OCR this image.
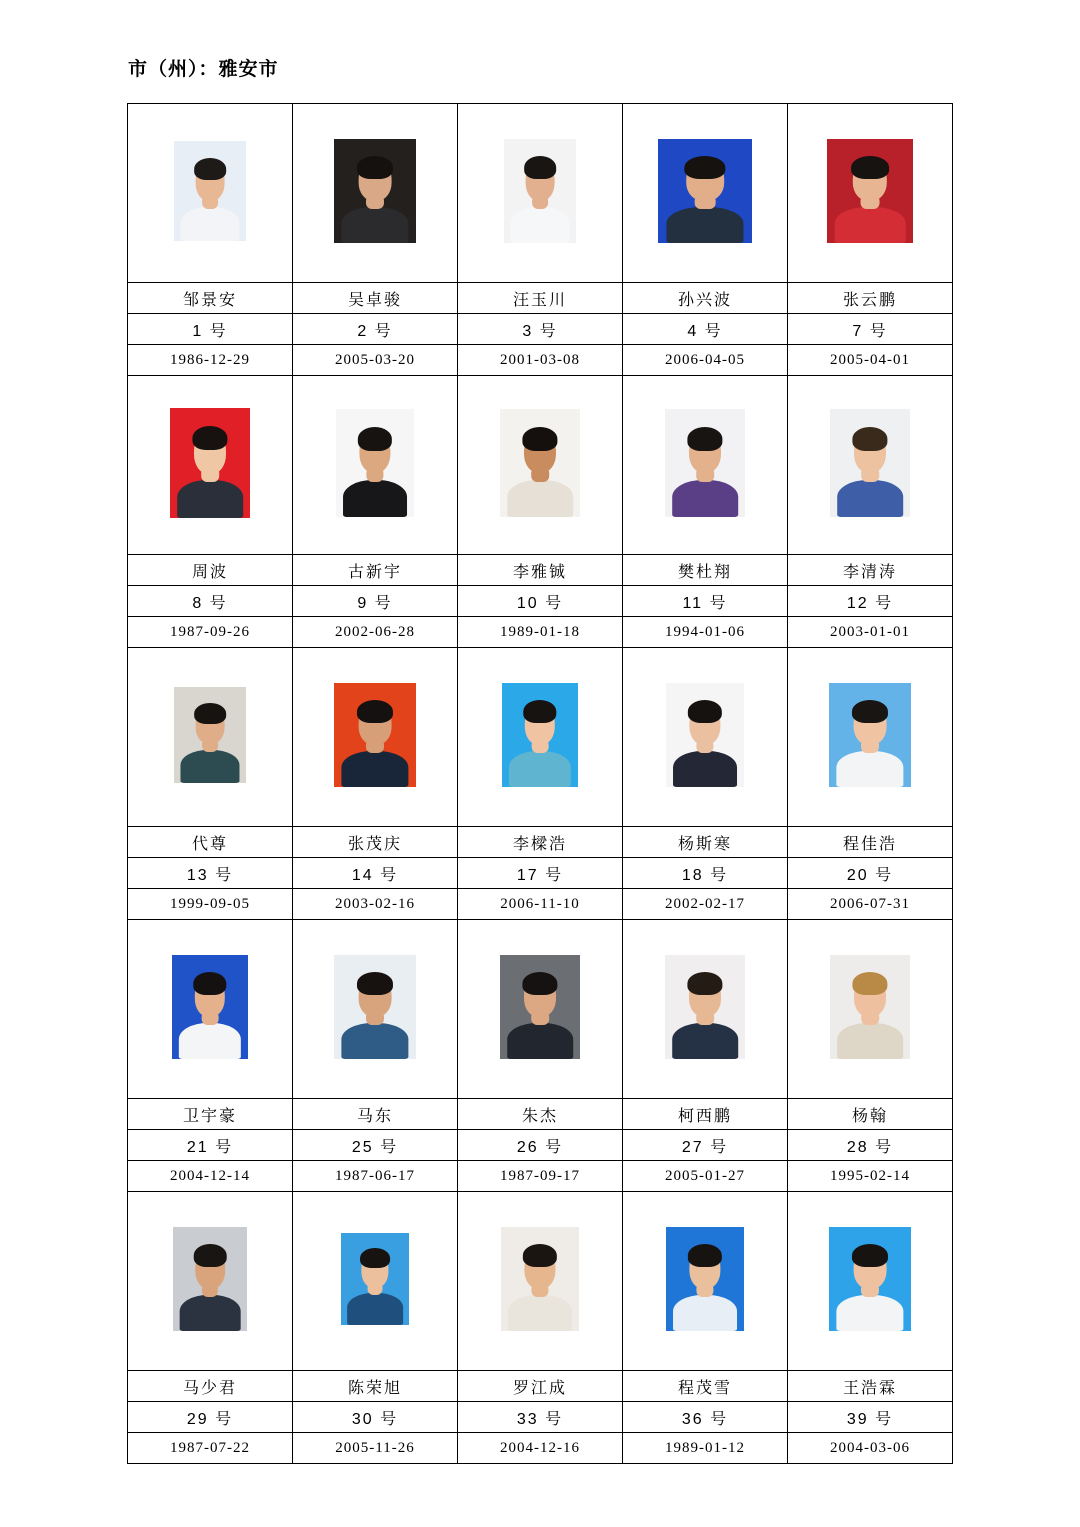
市（州）：雅安市

邹景安	吴卓骏	汪玉川	孙兴波	张云鹏
1 号	2 号	3 号	4 号	7 号
1986-12-29	2005-03-20	2001-03-08	2006-04-05	2005-04-01

周波	古新宇	李雅铖	樊杜翔	李清涛
8 号	9 号	10 号	11 号	12 号
1987-09-26	2002-06-28	1989-01-18	1994-01-06	2003-01-01

代尊	张茂庆	李樑浩	杨斯寒	程佳浩
13 号	14 号	17 号	18 号	20 号
1999-09-05	2003-02-16	2006-11-10	2002-02-17	2006-07-31

卫宇豪	马东	朱杰	柯西鹏	杨翰
21 号	25 号	26 号	27 号	28 号
2004-12-14	1987-06-17	1987-09-17	2005-01-27	1995-02-14

马少君	陈荣旭	罗江成	程茂雪	王浩霖
29 号	30 号	33 号	36 号	39 号
1987-07-22	2005-11-26	2004-12-16	1989-01-12	2004-03-06
